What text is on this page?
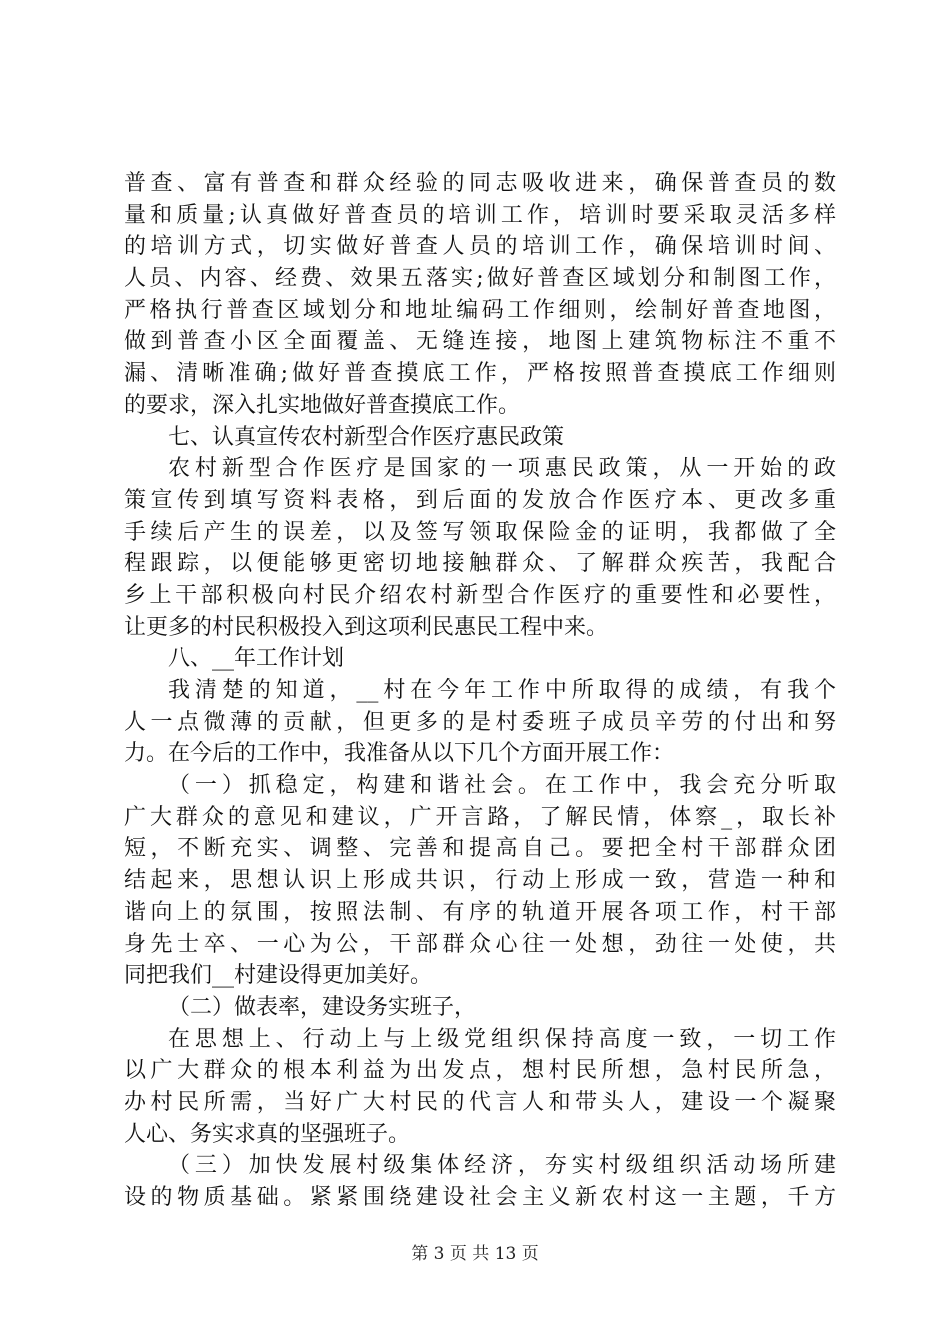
普查、富有普查和群众经验的同志吸收进来，确保普查员的数
量和质量;认真做好普查员的培训工作，培训时要采取灵活多样
的培训方式，切实做好普查人员的培训工作，确保培训时间、
人员、内容、经费、效果五落实;做好普查区域划分和制图工作，
严格执行普查区域划分和地址编码工作细则，绘制好普查地图，
做到普查小区全面覆盖、无缝连接，地图上建筑物标注不重不
漏、清晰准确;做好普查摸底工作，严格按照普查摸底工作细则
的要求，深入扎实地做好普查摸底工作。
七、认真宣传农村新型合作医疗惠民政策
农村新型合作医疗是国家的一项惠民政策，从一开始的政
策宣传到填写资料表格，到后面的发放合作医疗本、更改多重
手续后产生的误差，以及签写领取保险金的证明，我都做了全
程跟踪，以便能够更密切地接触群众、了解群众疾苦，我配合
乡上干部积极向村民介绍农村新型合作医疗的重要性和必要性，
让更多的村民积极投入到这项利民惠民工程中来。
八、__年工作计划
我清楚的知道，__村在今年工作中所取得的成绩，有我个
人一点微薄的贡献，但更多的是村委班子成员辛劳的付出和努
力。在今后的工作中，我准备从以下几个方面开展工作：
（一）抓稳定，构建和谐社会。在工作中，我会充分听取
广大群众的意见和建议，广开言路，了解民情，体察_，取长补
短，不断充实、调整、完善和提高自己。要把全村干部群众团
结起来，思想认识上形成共识，行动上形成一致，营造一种和
谐向上的氛围，按照法制、有序的轨道开展各项工作，村干部
身先士卒、一心为公，干部群众心往一处想，劲往一处使，共
同把我们__村建设得更加美好。
（二）做表率，建设务实班子，
在思想上、行动上与上级党组织保持高度一致，一切工作
以广大群众的根本利益为出发点，想村民所想，急村民所急，
办村民所需，当好广大村民的代言人和带头人，建设一个凝聚
人心、务实求真的坚强班子。
（三）加快发展村级集体经济，夯实村级组织活动场所建
设的物质基础。紧紧围绕建设社会主义新农村这一主题，千方
第 3 页 共 13 页
